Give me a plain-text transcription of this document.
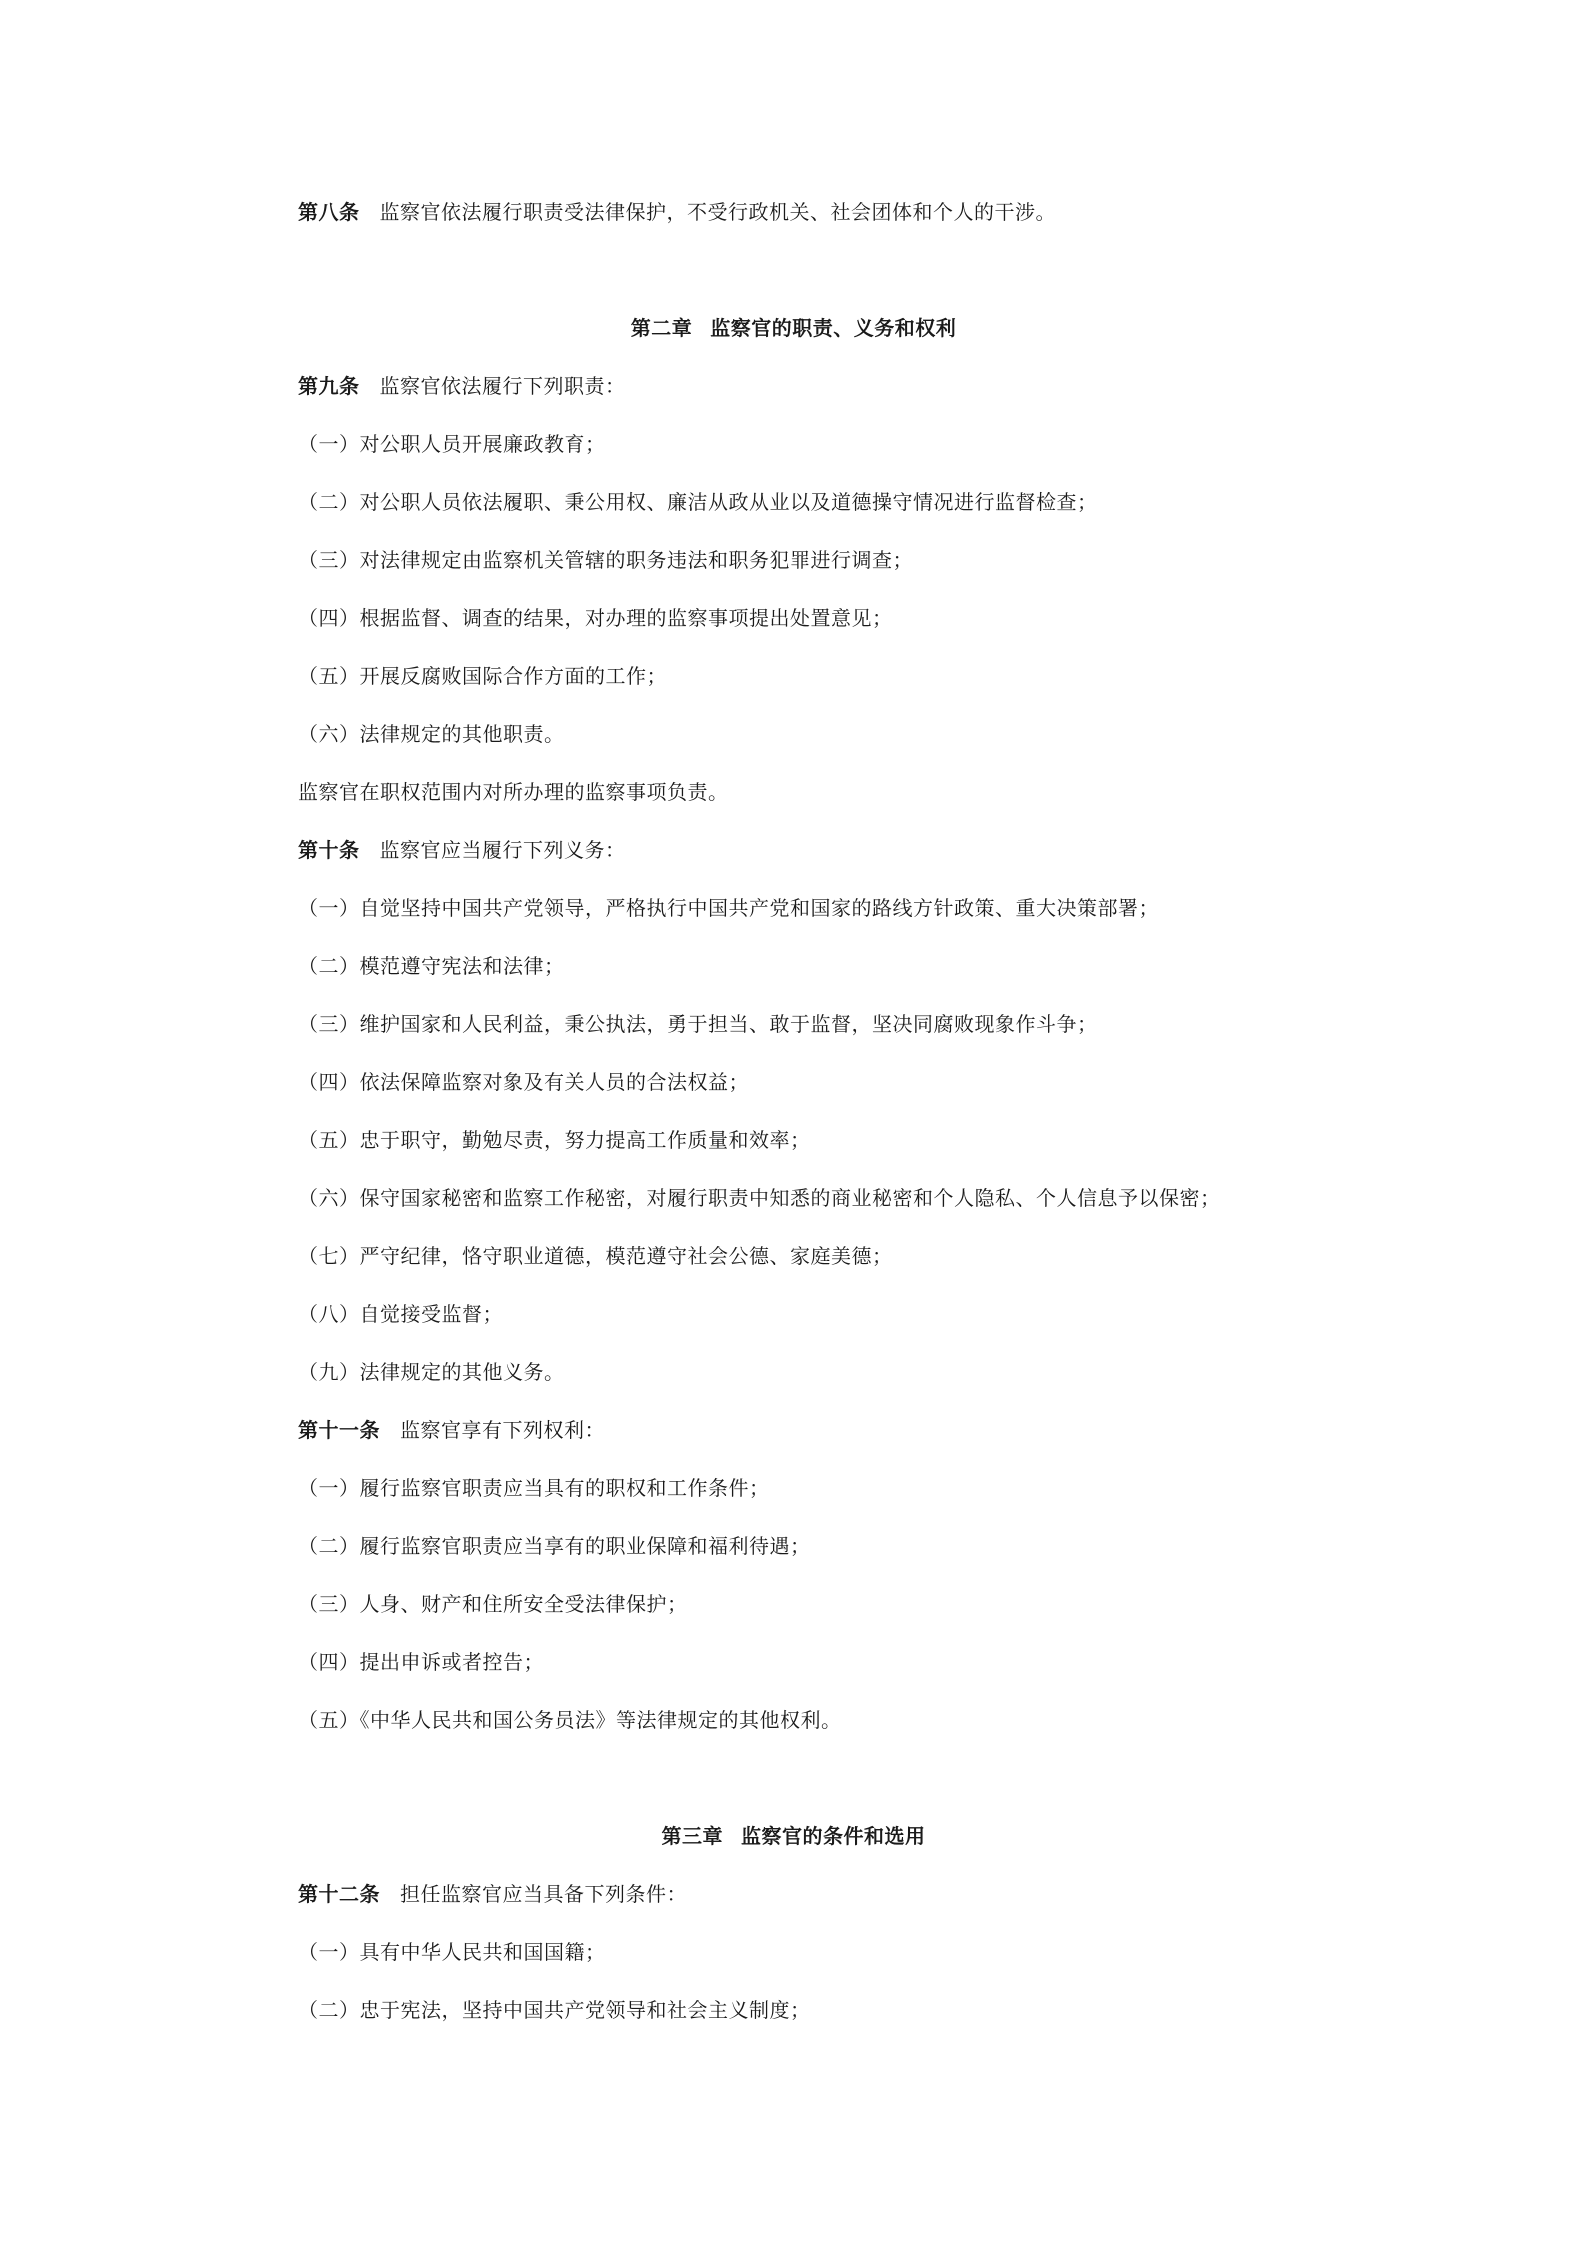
第八条 监察官依法履行职责受法律保护，不受行政机关、社会团体和个人的干涉。
第二章 监察官的职责、义务和权利
第九条 监察官依法履行下列职责：
（一）对公职人员开展廉政教育；
（二）对公职人员依法履职、秉公用权、廉洁从政从业以及道德操守情况进行监督检查；
（三）对法律规定由监察机关管辖的职务违法和职务犯罪进行调查；
（四）根据监督、调查的结果，对办理的监察事项提出处置意见；
（五）开展反腐败国际合作方面的工作；
（六）法律规定的其他职责。
监察官在职权范围内对所办理的监察事项负责。
第十条 监察官应当履行下列义务：
（一）自觉坚持中国共产党领导，严格执行中国共产党和国家的路线方针政策、重大决策部署；
（二）模范遵守宪法和法律；
（三）维护国家和人民利益，秉公执法，勇于担当、敢于监督，坚决同腐败现象作斗争；
（四）依法保障监察对象及有关人员的合法权益；
（五）忠于职守，勤勉尽责，努力提高工作质量和效率；
（六）保守国家秘密和监察工作秘密，对履行职责中知悉的商业秘密和个人隐私、个人信息予以保密；
（七）严守纪律，恪守职业道德，模范遵守社会公德、家庭美德；
（八）自觉接受监督；
（九）法律规定的其他义务。
第十一条 监察官享有下列权利：
（一）履行监察官职责应当具有的职权和工作条件；
（二）履行监察官职责应当享有的职业保障和福利待遇；
（三）人身、财产和住所安全受法律保护；
（四）提出申诉或者控告；
（五）《中华人民共和国公务员法》等法律规定的其他权利。
第三章 监察官的条件和选用
第十二条 担任监察官应当具备下列条件：
（一）具有中华人民共和国国籍；
（二）忠于宪法，坚持中国共产党领导和社会主义制度；
